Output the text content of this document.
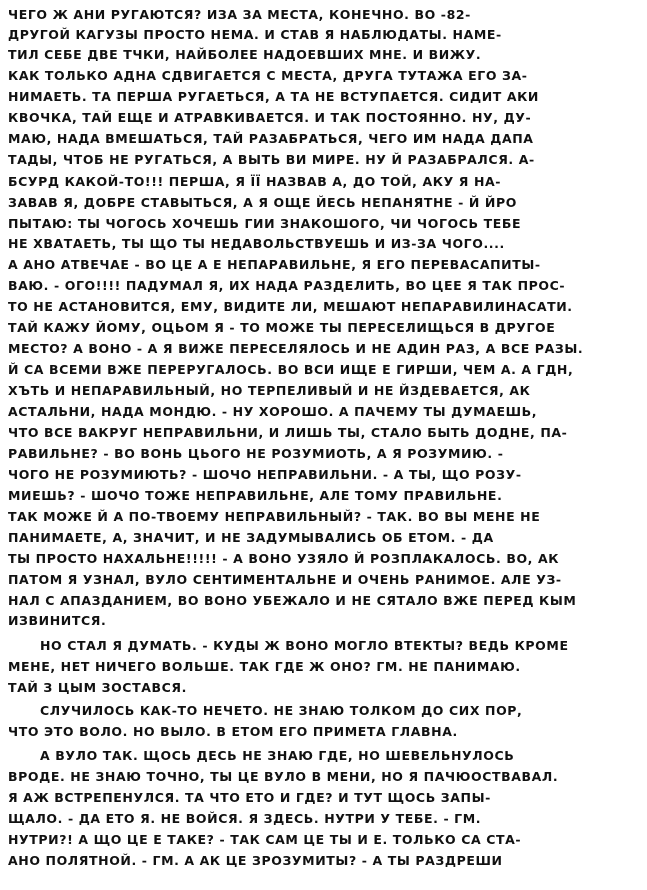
ЧЕГО Ж АНИ РУГАЮТСЯ? ИЗА ЗА МЕСТА, КОНЕЧНО. ВО -82-
ДРУГОЙ КАГУЗЫ ПРОСТО НЕМА. И СТАВ Я НАБЛЮДАТЫ. НАМЕ-
ТИЛ СЕБЕ ДВЕ ТЧКИ, НАЙБОЛЕЕ НАДОЕВШИХ МНЕ. И ВИЖУ.
КАК ТОЛЬКО АДНА СДВИГАЕТСЯ С МЕСТА, ДРУГА ТУТАЖА ЕГО ЗА-
НИМАЕТЬ. ТА ПЕРША РУГАЕТЬСЯ, А ТА НЕ ВСТУПАЕТСЯ. СИДИТ АКИ
КВОЧКА, ТАЙ ЕЩЕ И АТРАВКИВАЕТСЯ. И ТАК ПОСТОЯННО. НУ, ДУ-
МАЮ, НАДА ВМЕШАТЬСЯ, ТАЙ РАЗАБРАТЬСЯ, ЧЕГО ИМ НАДА ДАПА
ТАДЫ, ЧТОБ НЕ РУГАТЬСЯ, А ВЫТЬ ВИ МИРЕ. НУ Й РАЗАБРАЛСЯ. А-
БСУРД КАКОЙ-ТО!!! ПЕРША, Я ЇЇ НАЗВАВ А, ДО ТОЙ, АКУ Я НА-
ЗАВАВ Я, ДОБРЕ СТАВЫТЬСЯ, А Я ОЩЕ ЙЕСЬ НЕПАНЯТНЕ - Й ЙРО
ПЫТАЮ: ТЫ ЧОГОСЬ ХОЧЕШЬ ГИИ ЗНАКОШОГО, ЧИ ЧОГОСЬ ТЕБЕ
НЕ ХВАТАЕТЬ, ТЫ ЩО ТЫ НЕДАВОЛЬСТВУЕШЬ И ИЗ-ЗА ЧОГО....
А АНО АТВЕЧАЕ - ВО ЦЕ А Е НЕПАРАВИЛЬНЕ, Я ЕГО ПЕРЕВАСАПИТЫ-
ВАЮ. - ОГО!!!! ПАДУМАЛ Я, ИХ НАДА РАЗДЕЛИТЬ, ВО ЦЕЕ Я ТАК ПРОС-
ТО НЕ АСТАНОВИТСЯ, ЕМУ, ВИДИТЕ ЛИ, МЕШАЮТ НЕПАРАВИЛИНАСАТИ.
ТАЙ КАЖУ ЙОМУ, ОЦЬОМ Я - ТО МОЖЕ ТЫ ПЕРЕСЕЛИЩЬСЯ В ДРУГОЕ
МЕСТО? А ВОНО - А Я ВИЖЕ ПЕРЕСЕЛЯЛОСЬ И НЕ АДИН РАЗ, А ВСЕ РАЗЫ.
Й СА ВСЕМИ ВЖЕ ПЕРЕРУГАЛОСЬ. ВО ВСИ ИЩЕ Е ГИРШИ, ЧЕМ А. А ГДН,
ХЪТЬ И НЕПАРАВИЛЬНЫЙ, НО ТЕРПЕЛИВЫЙ И НЕ ЙЗДЕВАЕТСЯ, АК
АСТАЛЬНИ, НАДА МОНДЮ. - НУ ХОРОШО. А ПАЧЕМУ ТЫ ДУМАЕШЬ,
ЧТО ВСЕ ВАКРУГ НЕПРАВИЛЬНИ, И ЛИШЬ ТЫ, СТАЛО БЫТЬ ДОДНЕ, ПА-
РАВИЛЬНЕ? - ВО ВОНЬ ЦЬОГО НЕ РОЗУМИОТЬ, А Я РОЗУМИЮ. -
ЧОГО НЕ РОЗУМИЮТЬ? - ШОЧО НЕПРАВИЛЬНИ. - А ТЫ, ЩО РОЗУ-
МИЕШЬ? - ШОЧО ТОЖЕ НЕПРАВИЛЬНЕ, АЛЕ ТОМУ ПРАВИЛЬНЕ.
ТАК МОЖЕ Й А ПО-ТВОЕМУ НЕПРАВИЛЬНЫЙ? - ТАК. ВО ВЫ МЕНЕ НЕ
ПАНИМАЕТЕ, А, ЗНАЧИТ, И НЕ ЗАДУМЫВАЛИСЬ ОБ ЕТОМ. - ДА
ТЫ ПРОСТО НАХАЛЬНЕ!!!!! - А ВОНО УЗЯЛО Й РОЗПЛАКАЛОСЬ. ВО, АК
ПАТОМ Я УЗНАЛ, ВУЛО СЕНТИМЕНТАЛЬНЕ И ОЧЕНЬ РАНИМОЕ. АЛЕ УЗ-
НАЛ С АПАЗДАНИЕМ, ВО ВОНО УБЕЖАЛО И НЕ СЯТАЛО ВЖЕ ПЕРЕД КЫМ
ИЗВИНИТСЯ.
НО СТАЛ Я ДУМАТЬ. - КУДЫ Ж ВОНО МОГЛО ВТЕКТЫ? ВЕДЬ КРОМЕ
МЕНЕ, НЕТ НИЧЕГО ВОЛЬШЕ. ТАК ГДЕ Ж ОНО? ГМ. НЕ ПАНИМАЮ.
ТАЙ З ЦЫМ ЗОСТАВСЯ.
СЛУЧИЛОСЬ КАК-ТО НЕЧЕТО. НЕ ЗНАЮ ТОЛКОМ ДО СИХ ПОР,
ЧТО ЭТО ВОЛО. НО ВЫЛО. В ЕТОМ ЕГО ПРИМЕТА ГЛАВНА.
А ВУЛО ТАК. ЩОСЬ ДЕСЬ НЕ ЗНАЮ ГДЕ, НО ШЕВЕЛЬНУЛОСЬ
ВРОДЕ. НЕ ЗНАЮ ТОЧНО, ТЫ ЦЕ ВУЛО В МЕНИ, НО Я ПАЧЮОСТВАВАЛ.
Я АЖ ВСТРЕПЕНУЛСЯ. ТА ЧТО ЕТО И ГДЕ? И ТУТ ЩОСЬ ЗАПЫ-
ЩАЛО. - ДА ЕТО Я. НЕ ВОЙСЯ. Я ЗДЕСЬ. НУТРИ У ТЕБЕ. - ГМ.
НУТРИ?! А ЩО ЦЕ Е ТАКЕ? - ТАК САМ ЦЕ ТЫ И Е. ТОЛЬКО СА СТА-
АНО ПОЛЯТНОЙ. - ГМ. А АК ЦЕ ЗРОЗУМИТЫ? - А ТЫ РАЗДРЕШИ
